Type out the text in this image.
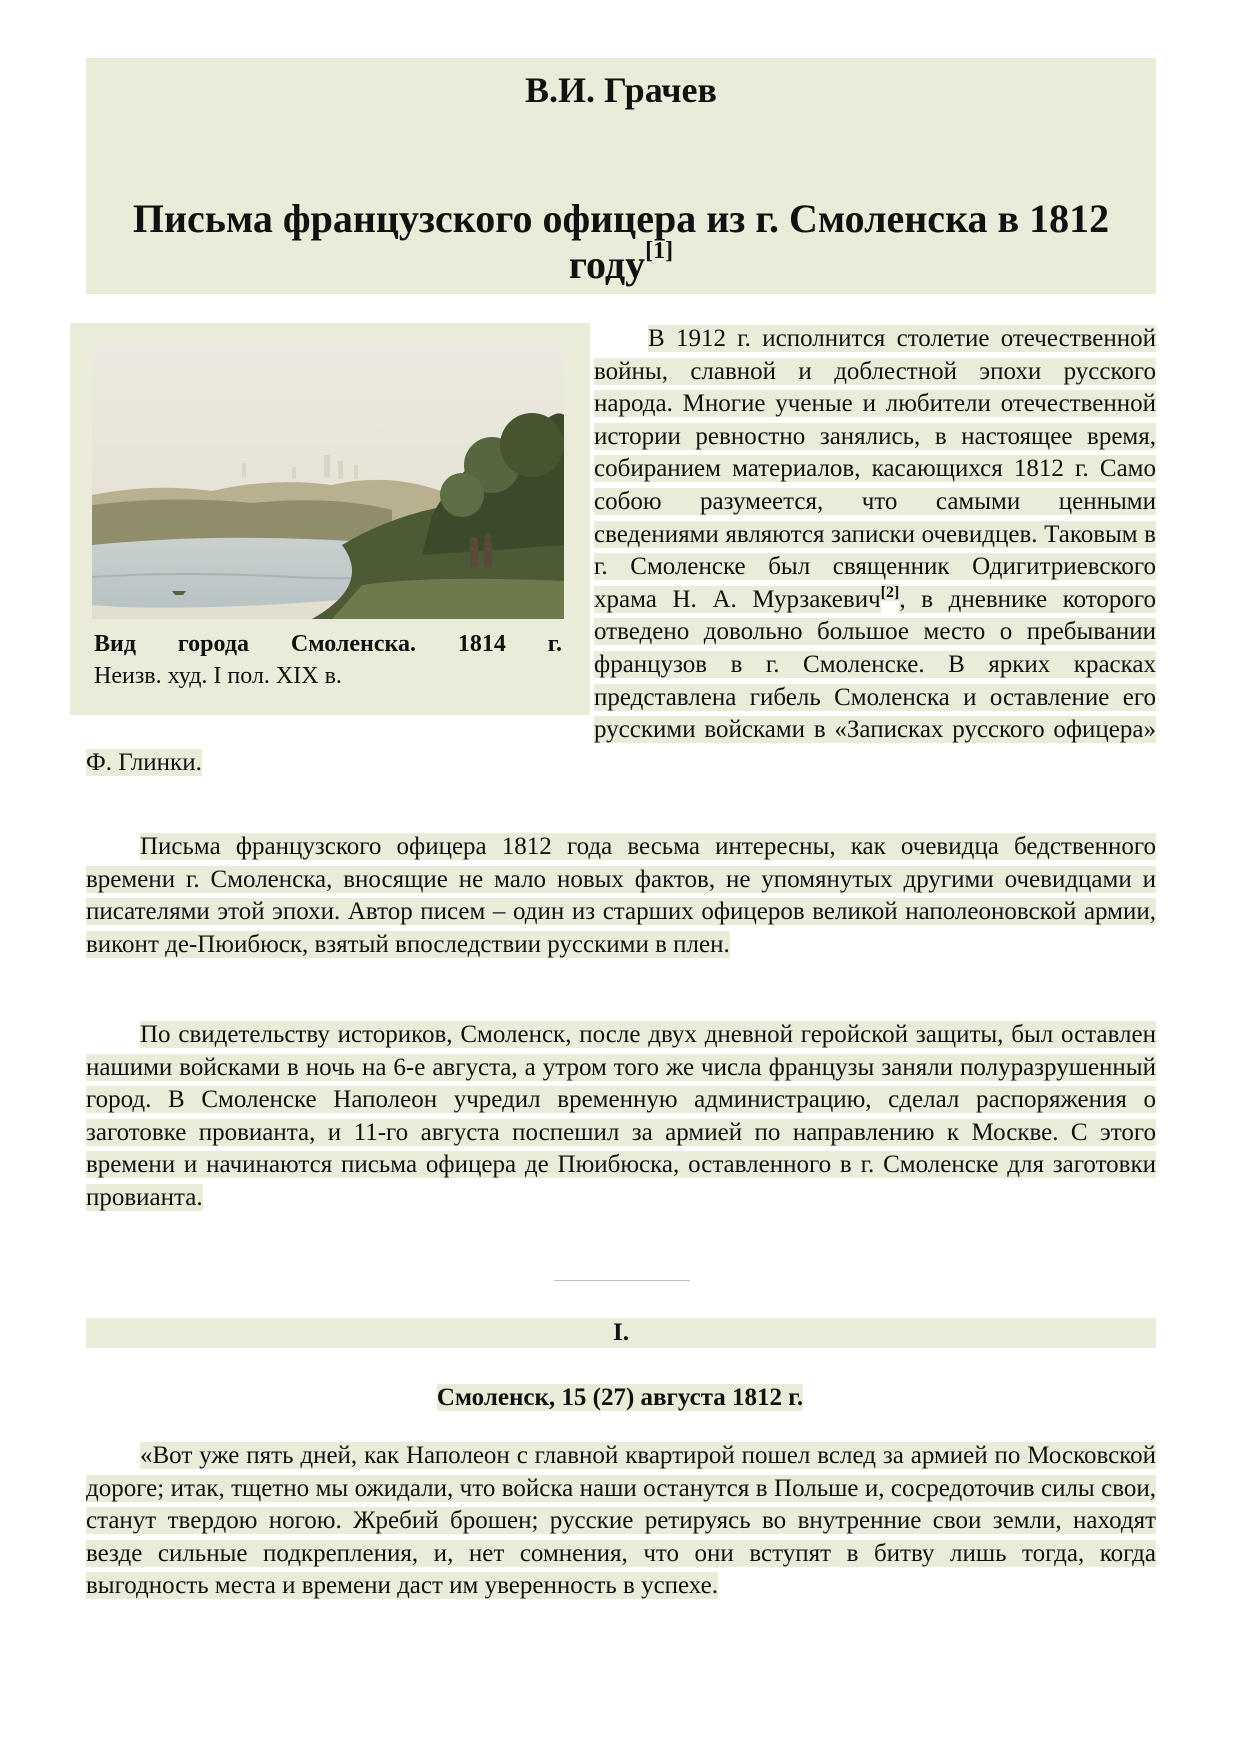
В.И. Грачев
Письма французского офицера из г. Смоленска в 1812 году[1]
Вид города Смоленска. 1814 г.
Неизв. худ. I пол. XIX в.

В 1912 г. исполнится столетие отечественной войны, славной и доблестной эпохи русского народа. Многие ученые и любители отечественной истории ревностно занялись, в настоящее время, собиранием материалов, касающихся 1812 г. Само собою разумеется, что самыми ценными сведениями являются записки очевидцев. Таковым в г. Смоленске был священник Одигитриевского храма Н. А. Мурзакевич[2], в дневнике которого отведено довольно большое место о пребывании французов в г. Смоленске. В ярких красках представлена гибель Смоленска и оставление его русскими войсками в «Записках русского офицера» Ф. Глинки.

Письма французского офицера 1812 года весьма интересны, как очевидца бедственного времени г. Смоленска, вносящие не мало новых фактов, не упомянутых другими очевидцами и писателями этой эпохи. Автор писем – один из старших офицеров великой наполеоновской армии, виконт де-Пюибюск, взятый впоследствии русскими в плен.

По свидетельству историков, Смоленск, после двух дневной геройской защиты, был оставлен нашими войсками в ночь на 6-е августа, а утром того же числа французы заняли полуразрушенный город. В Смоленске Наполеон учредил временную администрацию, сделал распоряжения о заготовке провианта, и 11-го августа поспешил за армией по направлению к Москве. С этого времени и начинаются письма офицера де Пюибюска, оставленного в г. Смоленске для заготовки провианта.

I.
Смоленск, 15 (27) августа 1812 г.

«Вот уже пять дней, как Наполеон с главной квартирой пошел вслед за армией по Московской дороге; итак, тщетно мы ожидали, что войска наши останутся в Польше и, сосредоточив силы свои, станут твердою ногою. Жребий брошен; русские ретируясь во внутренние свои земли, находят везде сильные подкрепления, и, нет сомнения, что они вступят в битву лишь тогда, когда выгодность места и времени даст им уверенность в успехе.
